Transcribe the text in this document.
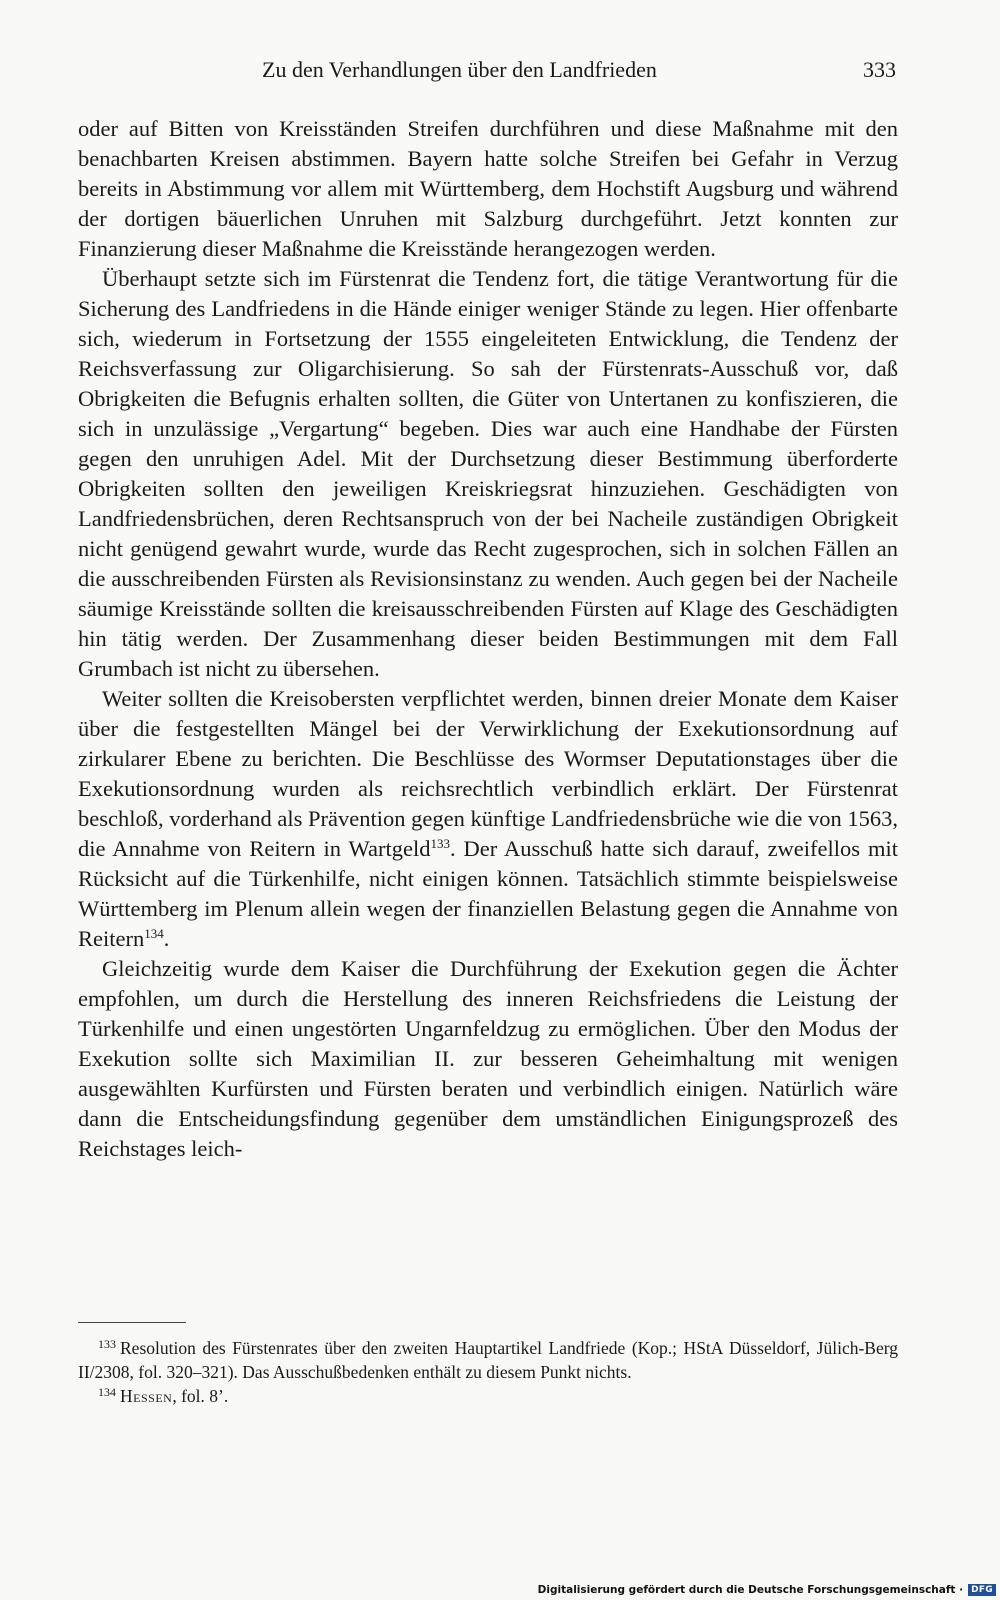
Zu den Verhandlungen über den Landfrieden	333

oder auf Bitten von Kreisständen Streifen durchführen und diese Maßnahme mit den benachbarten Kreisen abstimmen. Bayern hatte solche Streifen bei Gefahr in Verzug bereits in Abstimmung vor allem mit Württemberg, dem Hochstift Augsburg und während der dortigen bäuerlichen Unruhen mit Salzburg durchgeführt. Jetzt konnten zur Finanzierung dieser Maßnahme die Kreisstände herangezogen werden.

Überhaupt setzte sich im Fürstenrat die Tendenz fort, die tätige Verantwortung für die Sicherung des Landfriedens in die Hände einiger weniger Stände zu legen. Hier offenbarte sich, wiederum in Fortsetzung der 1555 eingeleiteten Entwicklung, die Tendenz der Reichsverfassung zur Oligarchisierung. So sah der Fürstenrats-Ausschuß vor, daß Obrigkeiten die Befugnis erhalten sollten, die Güter von Untertanen zu konfiszieren, die sich in unzulässige „Vergartung“ begeben. Dies war auch eine Handhabe der Fürsten gegen den unruhigen Adel. Mit der Durchsetzung dieser Bestimmung überforderte Obrigkeiten sollten den jeweiligen Kreiskriegsrat hinzuziehen. Geschädigten von Landfriedensbrüchen, deren Rechtsanspruch von der bei Nacheile zuständigen Obrigkeit nicht genügend gewahrt wurde, wurde das Recht zugesprochen, sich in solchen Fällen an die ausschreibenden Fürsten als Revisionsinstanz zu wenden. Auch gegen bei der Nacheile säumige Kreisstände sollten die kreisausschreibenden Fürsten auf Klage des Geschädigten hin tätig werden. Der Zusammenhang dieser beiden Bestimmungen mit dem Fall Grumbach ist nicht zu übersehen.

Weiter sollten die Kreisobersten verpflichtet werden, binnen dreier Monate dem Kaiser über die festgestellten Mängel bei der Verwirklichung der Exekutionsordnung auf zirkularer Ebene zu berichten. Die Beschlüsse des Wormser Deputationstages über die Exekutionsordnung wurden als reichsrechtlich verbindlich erklärt. Der Fürstenrat beschloß, vorderhand als Prävention gegen künftige Landfriedensbrüche wie die von 1563, die Annahme von Reitern in Wartgeld$^{133}$. Der Ausschuß hatte sich darauf, zweifellos mit Rücksicht auf die Türkenhilfe, nicht einigen können. Tatsächlich stimmte beispielsweise Württemberg im Plenum allein wegen der finanziellen Belastung gegen die Annahme von Reitern$^{134}$.

Gleichzeitig wurde dem Kaiser die Durchführung der Exekution gegen die Ächter empfohlen, um durch die Herstellung des inneren Reichsfriedens die Leistung der Türkenhilfe und einen ungestörten Ungarnfeldzug zu ermöglichen. Über den Modus der Exekution sollte sich Maximilian II. zur besseren Geheimhaltung mit wenigen ausgewählten Kurfürsten und Fürsten beraten und verbindlich einigen. Natürlich wäre dann die Entscheidungsfindung gegenüber dem umständlichen Einigungsprozeß des Reichstages leich-

$^{133}$ Resolution des Fürstenrates über den zweiten Hauptartikel Landfriede (Kop.; HStA Düsseldorf, Jülich-Berg II/2308, fol. 320–321). Das Ausschußbedenken enthält zu diesem Punkt nichts.

$^{134}$ Hessen, fol. 8’.

Digitalisierung gefördert durch die Deutsche Forschungsgemeinschaft · DFG
